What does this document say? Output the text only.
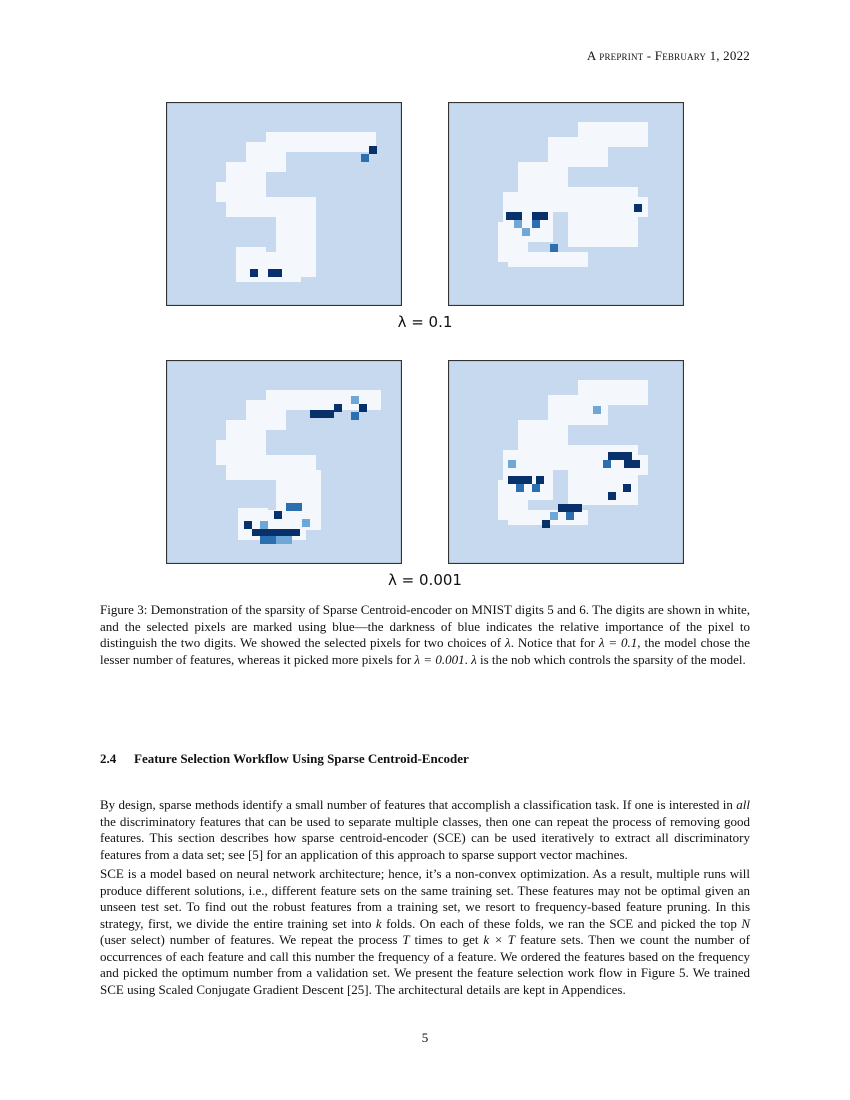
A preprint - February 1, 2022
λ = 0.1
λ = 0.001
Figure 3: Demonstration of the sparsity of Sparse Centroid-encoder on MNIST digits 5 and 6. The digits are shown in white, and the selected pixels are marked using blue—the darkness of blue indicates the relative importance of the pixel to distinguish the two digits. We showed the selected pixels for two choices of λ. Notice that for λ = 0.1, the model chose the lesser number of features, whereas it picked more pixels for λ = 0.001. λ is the nob which controls the sparsity of the model.
2.4 Feature Selection Workflow Using Sparse Centroid-Encoder

By design, sparse methods identify a small number of features that accomplish a classification task. If one is interested in all the discriminatory features that can be used to separate multiple classes, then one can repeat the process of removing good features. This section describes how sparse centroid-encoder (SCE) can be used iteratively to extract all discriminatory features from a data set; see [5] for an application of this approach to sparse support vector machines.

SCE is a model based on neural network architecture; hence, it’s a non-convex optimization. As a result, multiple runs will produce different solutions, i.e., different feature sets on the same training set. These features may not be optimal given an unseen test set. To find out the robust features from a training set, we resort to frequency-based feature pruning. In this strategy, first, we divide the entire training set into k folds. On each of these folds, we ran the SCE and picked the top N (user select) number of features. We repeat the process T times to get k × T feature sets. Then we count the number of occurrences of each feature and call this number the frequency of a feature. We ordered the features based on the frequency and picked the optimum number from a validation set. We present the feature selection work flow in Figure 5. We trained SCE using Scaled Conjugate Gradient Descent [25]. The architectural details are kept in Appendices.

5
